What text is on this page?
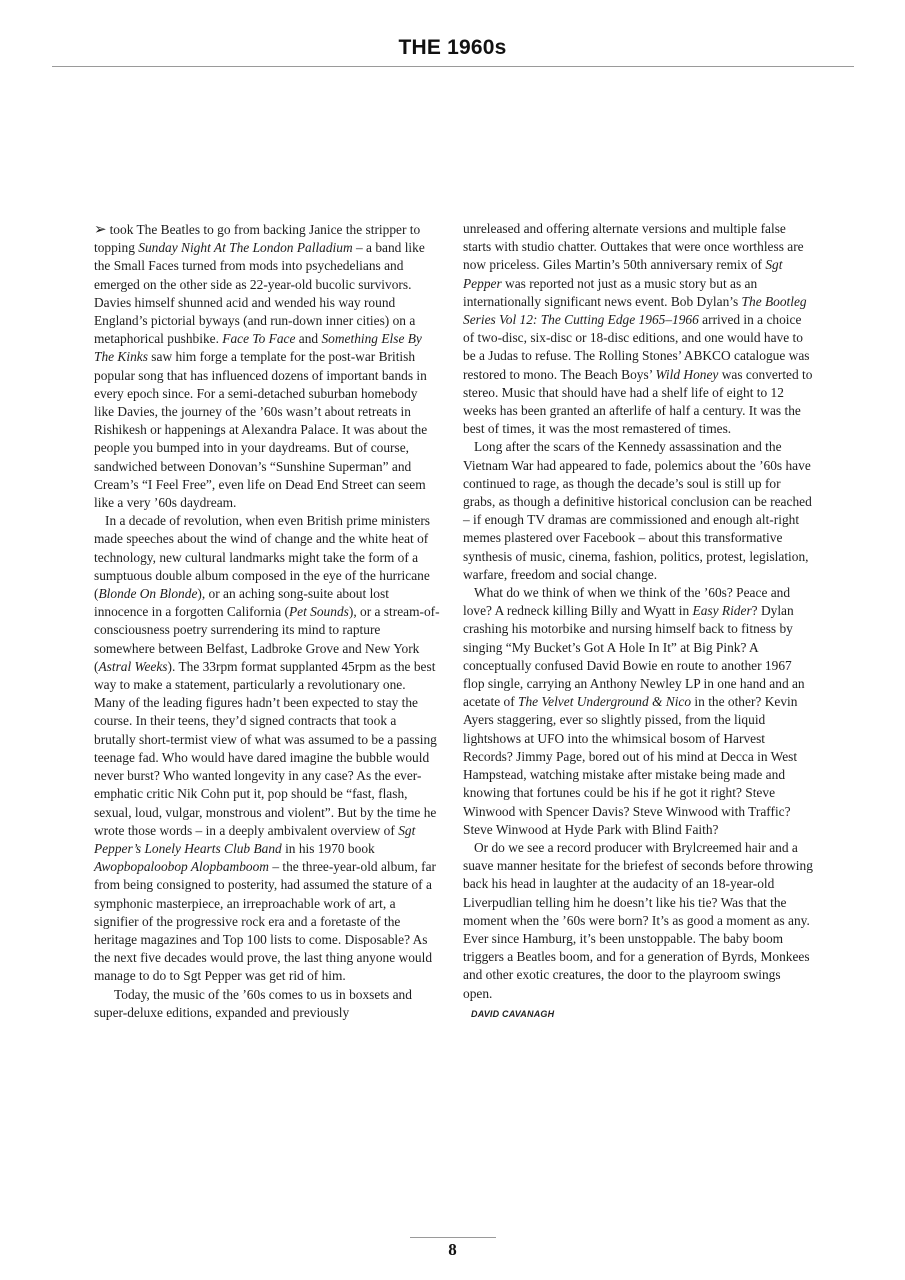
THE 1960s

➢ took The Beatles to go from backing Janice the stripper to topping Sunday Night At The London Palladium – a band like the Small Faces turned from mods into psychedelians and emerged on the other side as 22-year-old bucolic survivors. Davies himself shunned acid and wended his way round England’s pictorial byways (and run-down inner cities) on a metaphorical pushbike. Face To Face and Something Else By The Kinks saw him forge a template for the post-war British popular song that has influenced dozens of important bands in every epoch since. For a semi-detached suburban homebody like Davies, the journey of the ’60s wasn’t about retreats in Rishikesh or happenings at Alexandra Palace. It was about the people you bumped into in your daydreams. But of course, sandwiched between Donovan’s “Sunshine Superman” and Cream’s “I Feel Free”, even life on Dead End Street can seem like a very ’60s daydream.

In a decade of revolution, when even British prime ministers made speeches about the wind of change and the white heat of technology, new cultural landmarks might take the form of a sumptuous double album composed in the eye of the hurricane (Blonde On Blonde), or an aching song-suite about lost innocence in a forgotten California (Pet Sounds), or a stream-of-consciousness poetry surrendering its mind to rapture somewhere between Belfast, Ladbroke Grove and New York (Astral Weeks). The 33rpm format supplanted 45rpm as the best way to make a statement, particularly a revolutionary one. Many of the leading figures hadn’t been expected to stay the course. In their teens, they’d signed contracts that took a brutally short-termist view of what was assumed to be a passing teenage fad. Who would have dared imagine the bubble would never burst? Who wanted longevity in any case? As the ever-emphatic critic Nik Cohn put it, pop should be “fast, flash, sexual, loud, vulgar, monstrous and violent”. But by the time he wrote those words – in a deeply ambivalent overview of Sgt Pepper’s Lonely Hearts Club Band in his 1970 book Awopbopaloobop Alopbamboom – the three-year-old album, far from being consigned to posterity, had assumed the stature of a symphonic masterpiece, an irreproachable work of art, a signifier of the progressive rock era and a foretaste of the heritage magazines and Top 100 lists to come. Disposable? As the next five decades would prove, the last thing anyone would manage to do to Sgt Pepper was get rid of him.

Today, the music of the ’60s comes to us in boxsets and super-deluxe editions, expanded and previously

unreleased and offering alternate versions and multiple false starts with studio chatter. Outtakes that were once worthless are now priceless. Giles Martin’s 50th anniversary remix of Sgt Pepper was reported not just as a music story but as an internationally significant news event. Bob Dylan’s The Bootleg Series Vol 12: The Cutting Edge 1965–1966 arrived in a choice of two-disc, six-disc or 18-disc editions, and one would have to be a Judas to refuse. The Rolling Stones’ ABKCO catalogue was restored to mono. The Beach Boys’ Wild Honey was converted to stereo. Music that should have had a shelf life of eight to 12 weeks has been granted an afterlife of half a century. It was the best of times, it was the most remastered of times.

Long after the scars of the Kennedy assassination and the Vietnam War had appeared to fade, polemics about the ’60s have continued to rage, as though the decade’s soul is still up for grabs, as though a definitive historical conclusion can be reached – if enough TV dramas are commissioned and enough alt-right memes plastered over Facebook – about this transformative synthesis of music, cinema, fashion, politics, protest, legislation, warfare, freedom and social change.

What do we think of when we think of the ’60s? Peace and love? A redneck killing Billy and Wyatt in Easy Rider? Dylan crashing his motorbike and nursing himself back to fitness by singing “My Bucket’s Got A Hole In It” at Big Pink? A conceptually confused David Bowie en route to another 1967 flop single, carrying an Anthony Newley LP in one hand and an acetate of The Velvet Underground & Nico in the other? Kevin Ayers staggering, ever so slightly pissed, from the liquid lightshows at UFO into the whimsical bosom of Harvest Records? Jimmy Page, bored out of his mind at Decca in West Hampstead, watching mistake after mistake being made and knowing that fortunes could be his if he got it right? Steve Winwood with Spencer Davis? Steve Winwood with Traffic? Steve Winwood at Hyde Park with Blind Faith?

Or do we see a record producer with Brylcreemed hair and a suave manner hesitate for the briefest of seconds before throwing back his head in laughter at the audacity of an 18-year-old Liverpudlian telling him he doesn’t like his tie? Was that the moment when the ’60s were born? It’s as good a moment as any. Ever since Hamburg, it’s been unstoppable. The baby boom triggers a Beatles boom, and for a generation of Byrds, Monkees and other exotic creatures, the door to the playroom swings open.

DAVID CAVANAGH
8
